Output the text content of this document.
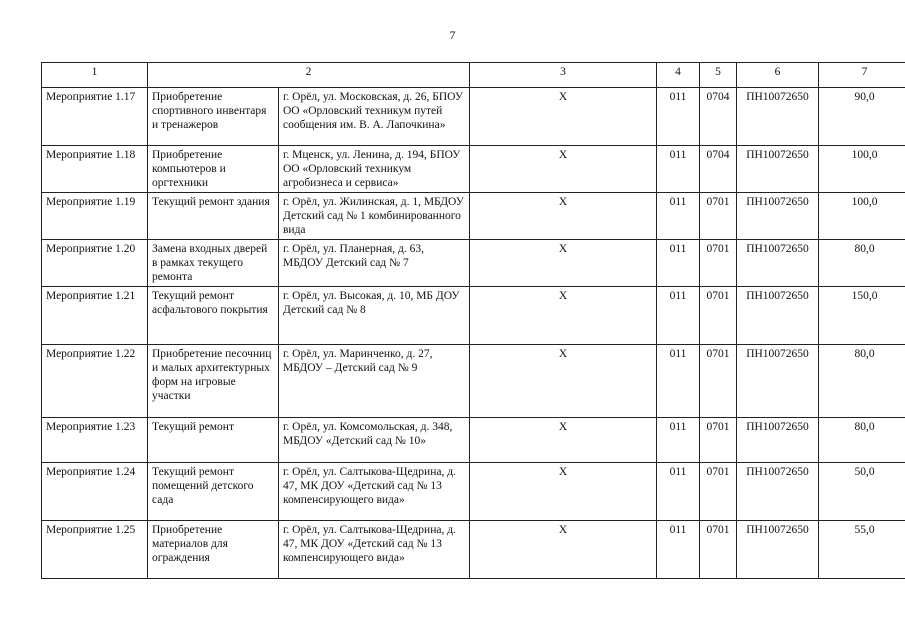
7
1	2		3	4	5	6	7
Мероприятие 1.17	Приобретение спортивного инвентаря и тренажеров	г. Орёл, ул. Московская, д. 26, БПОУ ОО «Орловский техникум путей сообщения им. В. А. Лапочкина»	X	011	0704	ПН10072650	90,0
Мероприятие 1.18	Приобретение компьютеров и оргтехники	г. Мценск, ул. Ленина, д. 194, БПОУ ОО «Орловский техникум агробизнеса и сервиса»	X	011	0704	ПН10072650	100,0
Мероприятие 1.19	Текущий ремонт здания	г. Орёл, ул. Жилинская, д. 1, МБДОУ Детский сад № 1 комбинированного вида	X	011	0701	ПН10072650	100,0
Мероприятие 1.20	Замена входных дверей в рамках текущего ремонта	г. Орёл, ул. Планерная, д. 63, МБДОУ Детский сад № 7	X	011	0701	ПН10072650	80,0
Мероприятие 1.21	Текущий ремонт асфальтового покрытия	г. Орёл, ул. Высокая, д. 10, МБ ДОУ Детский сад № 8	X	011	0701	ПН10072650	150,0
Мероприятие 1.22	Приобретение песочниц и малых архитектурных форм на игровые участки	г. Орёл, ул. Маринченко, д. 27, МБДОУ – Детский сад № 9	X	011	0701	ПН10072650	80,0
Мероприятие 1.23	Текущий ремонт	г. Орёл, ул. Комсомольская, д. 348, МБДОУ «Детский сад № 10»	X	011	0701	ПН10072650	80,0
Мероприятие 1.24	Текущий ремонт помещений детского сада	г. Орёл, ул. Салтыкова-Щедрина, д. 47, МК ДОУ «Детский сад № 13 компенсирующего вида»	X	011	0701	ПН10072650	50,0
Мероприятие 1.25	Приобретение материалов для ограждения	г. Орёл, ул. Салтыкова-Щедрина, д. 47, МК ДОУ «Детский сад № 13 компенсирующего вида»	X	011	0701	ПН10072650	55,0
